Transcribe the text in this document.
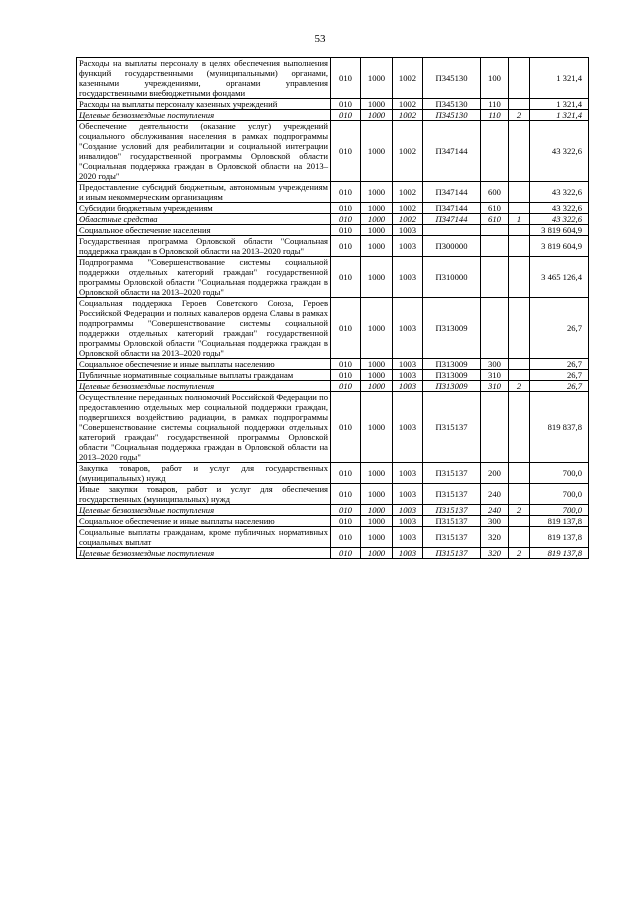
53
Расходы на выплаты персоналу в целях обеспечения выполнения функций государственными (муниципальными) органами, казенными учреждениями, органами управления государственными внебюджетными фондами	010	1000	1002	П345130	100		1 321,4
Расходы на выплаты персоналу казенных учреждений	010	1000	1002	П345130	110		1 321,4
Целевые безвозмездные поступления	010	1000	1002	П345130	110	2	1 321,4
Обеспечение деятельности (оказание услуг) учреждений социального обслуживания населения в рамках подпрограммы "Создание условий для реабилитации и социальной интеграции инвалидов" государственной программы Орловской области "Социальная поддержка граждан в Орловской области на 2013–2020 годы"	010	1000	1002	П347144			43 322,6
Предоставление субсидий бюджетным, автономным учреждениям и иным некоммерческим организациям	010	1000	1002	П347144	600		43 322,6
Субсидии бюджетным учреждениям	010	1000	1002	П347144	610		43 322,6
Областные средства	010	1000	1002	П347144	610	1	43 322,6
Социальное обеспечение населения	010	1000	1003				3 819 604,9
Государственная программа Орловской области "Социальная поддержка граждан в Орловской области на 2013–2020 годы"	010	1000	1003	П300000			3 819 604,9
Подпрограмма "Совершенствование системы социальной поддержки отдельных категорий граждан" государственной программы Орловской области "Социальная поддержка граждан в Орловской области на 2013–2020 годы"	010	1000	1003	П310000			3 465 126,4
Социальная поддержка Героев Советского Союза, Героев Российской Федерации и полных кавалеров ордена Славы в рамках подпрограммы "Совершенствование системы социальной поддержки отдельных категорий граждан" государственной программы Орловской области "Социальная поддержка граждан в Орловской области на 2013–2020 годы"	010	1000	1003	П313009			26,7
Социальное обеспечение и иные выплаты населению	010	1000	1003	П313009	300		26,7
Публичные нормативные социальные выплаты гражданам	010	1000	1003	П313009	310		26,7
Целевые безвозмездные поступления	010	1000	1003	П313009	310	2	26,7
Осуществление переданных полномочий Российской Федерации по предоставлению отдельных мер социальной поддержки граждан, подвергшихся воздействию радиации, в рамках подпрограммы "Совершенствование системы социальной поддержки отдельных категорий граждан" государственной программы Орловской области "Социальная поддержка граждан в Орловской области на 2013–2020 годы"	010	1000	1003	П315137			819 837,8
Закупка товаров, работ и услуг для государственных (муниципальных) нужд	010	1000	1003	П315137	200		700,0
Иные закупки товаров, работ и услуг для обеспечения государственных (муниципальных) нужд	010	1000	1003	П315137	240		700,0
Целевые безвозмездные поступления	010	1000	1003	П315137	240	2	700,0
Социальное обеспечение и иные выплаты населению	010	1000	1003	П315137	300		819 137,8
Социальные выплаты гражданам, кроме публичных нормативных социальных выплат	010	1000	1003	П315137	320		819 137,8
Целевые безвозмездные поступления	010	1000	1003	П315137	320	2	819 137,8
